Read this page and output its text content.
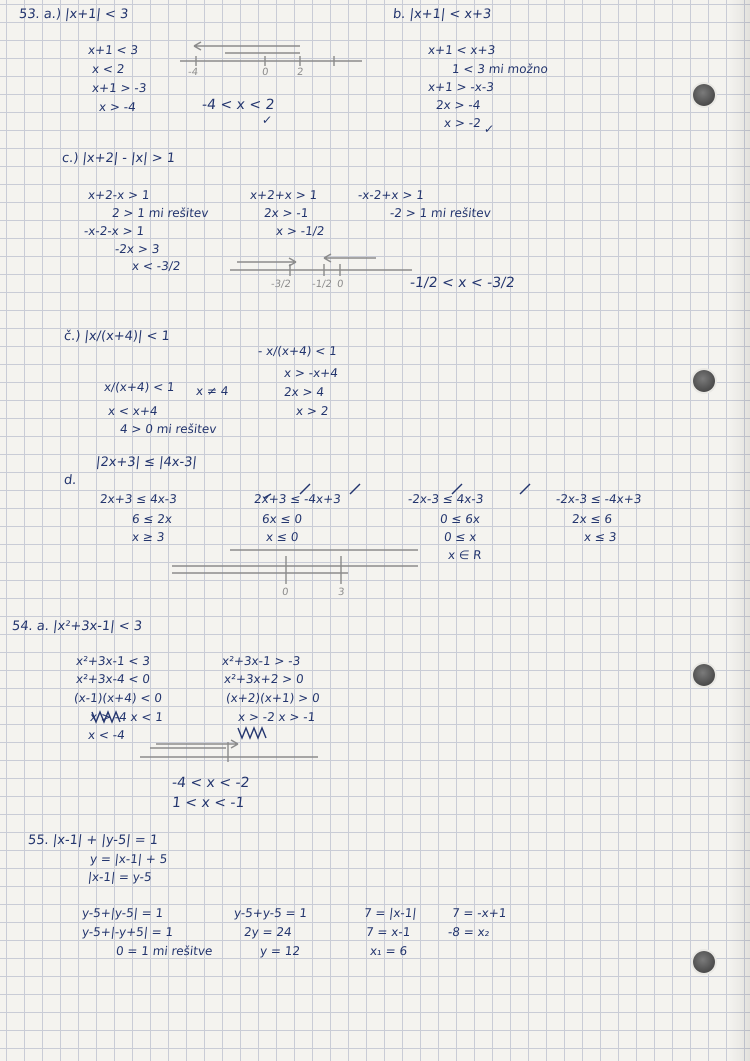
53. a.) |x+1| < 3
x+1 < 3
x < 2
x+1 > -3
x > -4
-4	0	2
-4 < x < 2
✓
b. |x+1| < x+3
x+1 < x+3
1 < 3 mi možno
x+1 > -x-3
2x > -4
x > -2 ✓
c.) |x+2| - |x| > 1
x+2-x > 1
2 > 1 mi rešitev
-x-2-x > 1
-2x > 3
x < -3/2
x+2+x > 1
2x > -1
x > -1/2
-x-2+x > 1
-2 > 1 mi rešitev
-3/2 -1/2 0	-1/2 < x < -3/2
č.) |x/(x+4)| < 1
x/(x+4) < 1 x ≠ 4
x < x+4
4 > 0 mi rešitev
- x/(x+4) < 1
x > -x+4
2x > 4
x > 2
|2x+3| ≤ |4x-3|
d.
2x+3 ≤ 4x-3
6 ≤ 2x
x ≥ 3
2x+3 ≤ -4x+3
6x ≤ 0
x ≤ 0
-2x-3 ≤ 4x-3
0 ≤ 6x
0 ≤ x
x ∈ R
-2x-3 ≤ -4x+3
2x ≤ 6
x ≤ 3
0	3
54. a. |x²+3x-1| < 3
x²+3x-1 < 3
x²+3x-4 < 0
(x-1)(x+4) < 0
x > -4 x < 1
x < -4
x²+3x-1 > -3
x²+3x+2 > 0
(x+2)(x+1) > 0
x > -2 x > -1
-4 < x < -2
1 < x < -1
55. |x-1| + |y-5| = 1
y = |x-1| + 5
|x-1| = y-5
y-5+|y-5| = 1
y-5+|-y+5| = 1
0 = 1 mi rešitve
y-5+y-5 = 1
2y = 24
y = 12
7 = |x-1|
7 = x-1
x₁ = 6
7 = -x+1
-8 = x₂
